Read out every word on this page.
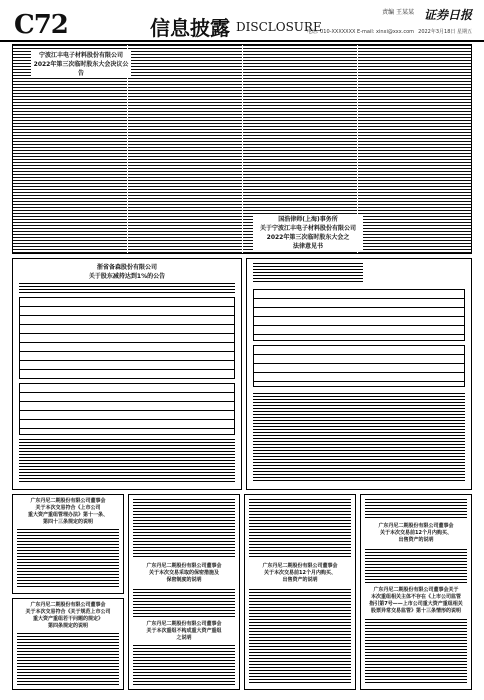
C72	信息披露 DISCLOSURE
证券日报
责编 王某某
电话: 010-XXXXXXX E-mail: xinxi@xxx.com 2022年3月18日 星期五
宁波江丰电子材料股份有限公司
2022年第三次临时股东大会决议公告
国浩律师(上海)事务所
关于宁波江丰电子材料股份有限公司
2022年第三次临时股东大会之
法律意见书
浙省备森股份有限公司
关于股东减持达到1%的公告
广东丹尼二期股份有限公司董事会
关于本次交易符合《上市公司
重大资产重组管理办法》第十一条、
第四十三条规定的说明
广东丹尼二期股份有限公司董事会
关于本次交易符合《关于规范上市公司
重大资产重组若干问题的规定》
第四条规定的说明
广东丹尼二期股份有限公司董事会
关于本次交易采取的保密措施及
保密制度的说明
广东丹尼二期股份有限公司董事会
关于本次重组不构成重大资产重组
之说明
广东丹尼二期股份有限公司董事会
关于本次交易前12个月内购买、
出售资产的说明
广东丹尼二期股份有限公司董事会
关于本次交易前12个月内购买、
出售资产的说明
广东丹尼二期股份有限公司董事会关于
本次重组相关主体不存在《上市公司监管
指引第7号——上市公司重大资产重组相关
股票异常交易监管》第十三条情形的说明
